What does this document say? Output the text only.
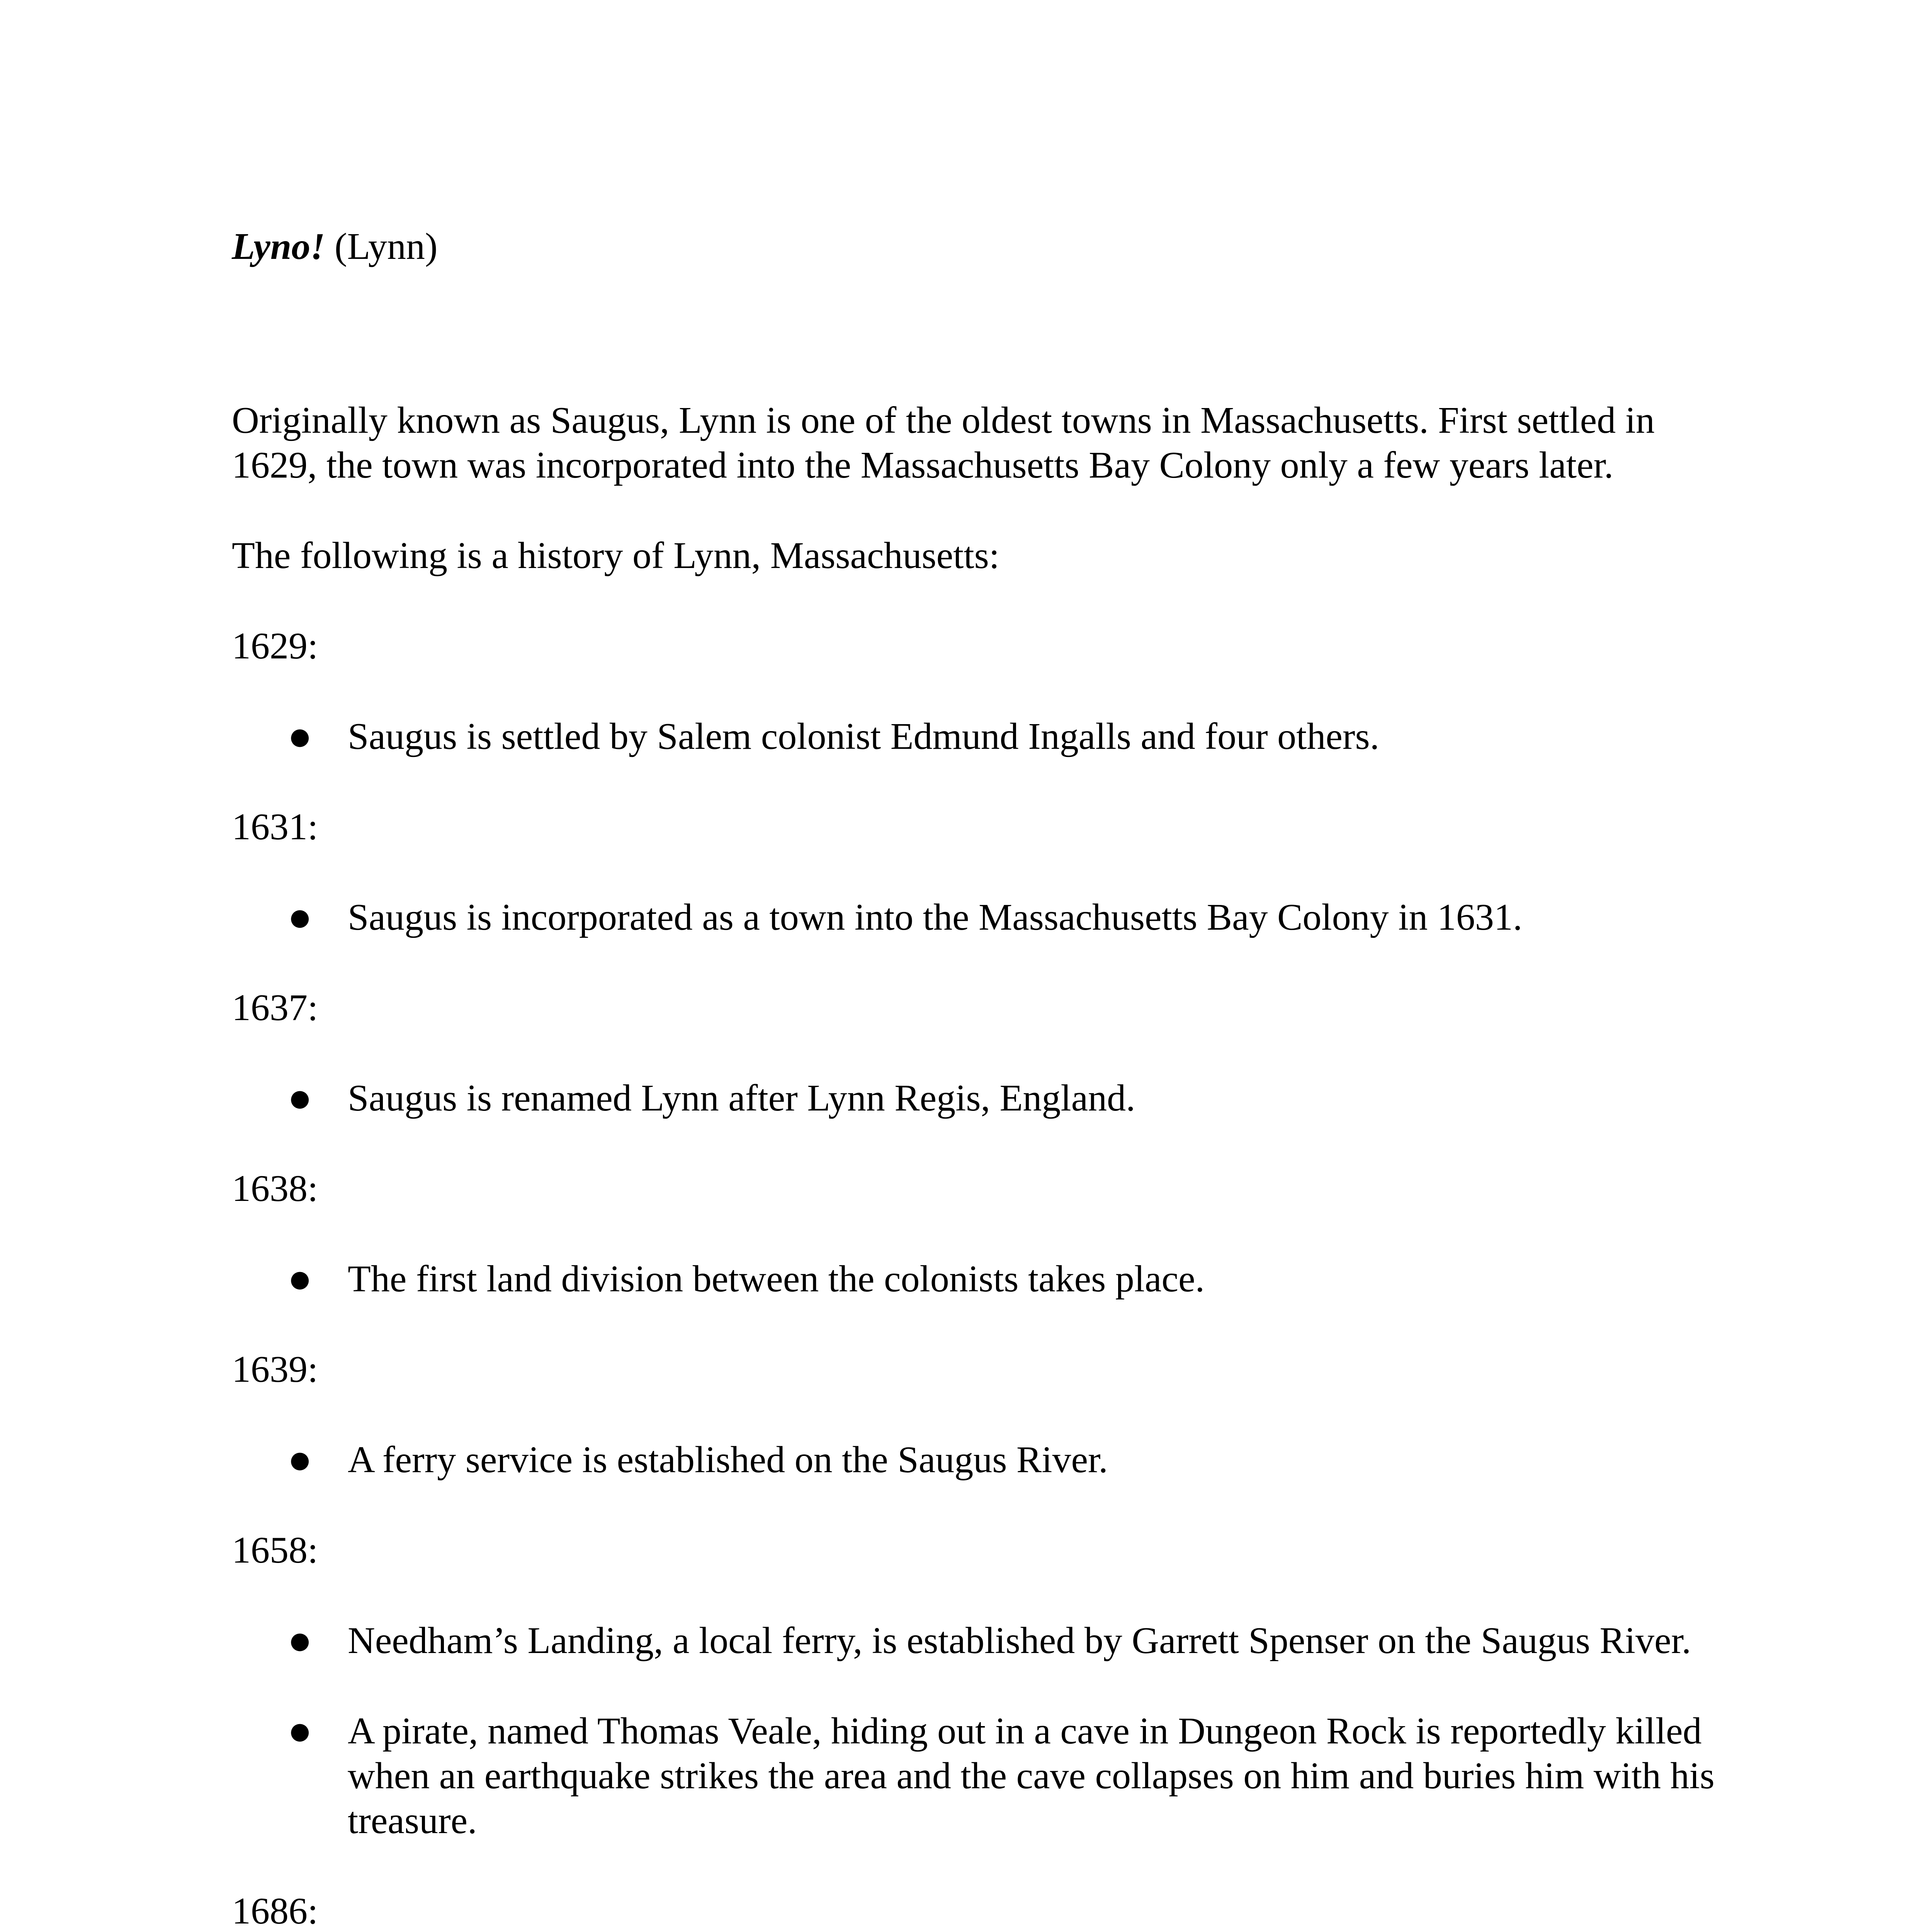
Lyno! (Lynn)

Originally known as Saugus, Lynn is one of the oldest towns in Massachusetts. First settled in 1629, the town was incorporated into the Massachusetts Bay Colony only a few years later.

The following is a history of Lynn, Massachusetts:

1629:

● Saugus is settled by Salem colonist Edmund Ingalls and four others.

1631:

● Saugus is incorporated as a town into the Massachusetts Bay Colony in 1631.

1637:

● Saugus is renamed Lynn after Lynn Regis, England.

1638:

● The first land division between the colonists takes place.

1639:

● A ferry service is established on the Saugus River.

1658:

● Needham’s Landing, a local ferry, is established by Garrett Spenser on the Saugus River.
● A pirate, named Thomas Veale, hiding out in a cave in Dungeon Rock is reportedly killed when an earthquake strikes the area and the cave collapses on him and buries him with his treasure.

1686:
